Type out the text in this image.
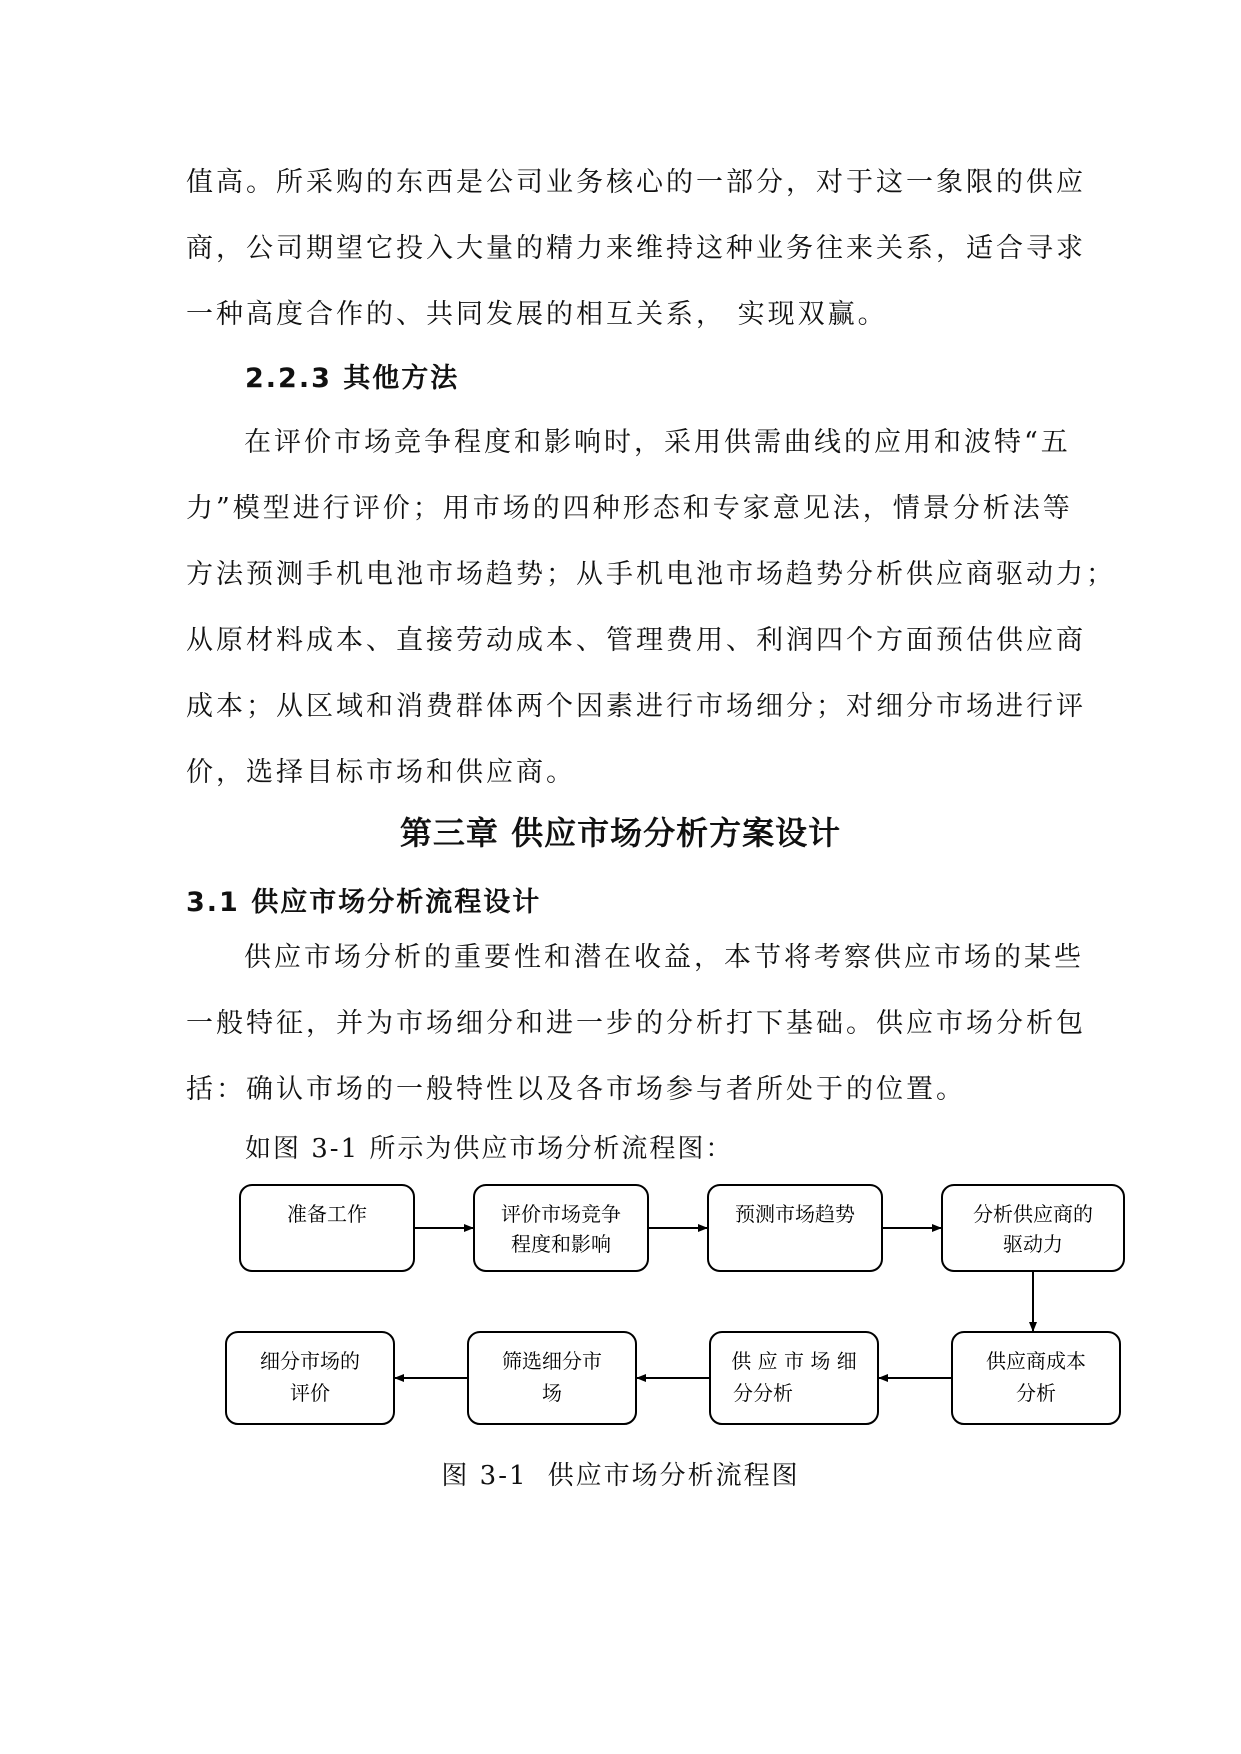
值高。所采购的东西是公司业务核心的一部分，对于这一象限的供应

商，公司期望它投入大量的精力来维持这种业务往来关系，适合寻求

一种高度合作的、共同发展的相互关系， 实现双赢。

2.2.3 其他方法

在评价市场竞争程度和影响时，采用供需曲线的应用和波特“五

力”模型进行评价；用市场的四种形态和专家意见法，情景分析法等

方法预测手机电池市场趋势；从手机电池市场趋势分析供应商驱动力；

从原材料成本、直接劳动成本、管理费用、利润四个方面预估供应商

成本；从区域和消费群体两个因素进行市场细分；对细分市场进行评

价，选择目标市场和供应商。

第三章 供应市场分析方案设计
3.1 供应市场分析流程设计

供应市场分析的重要性和潜在收益，本节将考察供应市场的某些

一般特征，并为市场细分和进一步的分析打下基础。供应市场分析包

括：确认市场的一般特性以及各市场参与者所处于的位置。

如图 3-1 所示为供应市场分析流程图：
准备工作	评价市场竞争
程度和影响
预测市场趋势	分析供应商的
驱动力
供应商成本
分析
供 应 市 场 细
分分析
筛选细分市
场
细分市场的
评价
图 3-1 供应市场分析流程图
